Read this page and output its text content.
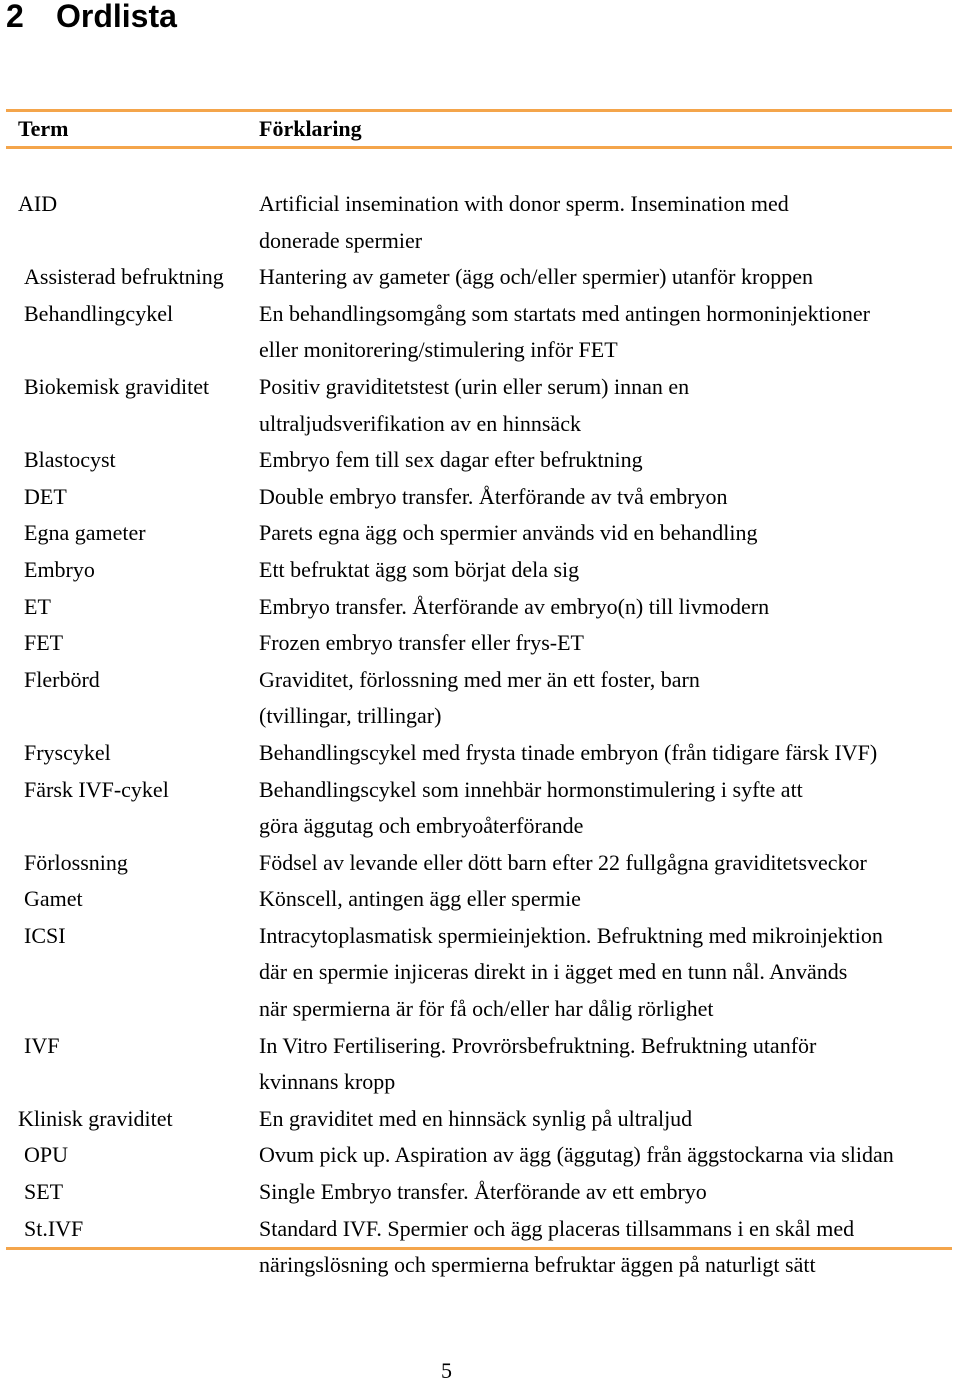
2 Ordlista
Term	Förklaring
AID	Artificial insemination with donor sperm. Insemination med
donerade spermier
Assisterad befruktning	Hantering av gameter (ägg och/eller spermier) utanför kroppen
Behandlingcykel	En behandlingsomgång som startats med antingen hormoninjektioner
eller monitorering/stimulering inför FET
Biokemisk graviditet	Positiv graviditetstest (urin eller serum) innan en
ultraljudsverifikation av en hinnsäck
Blastocyst	Embryo fem till sex dagar efter befruktning
DET	Double embryo transfer. Återförande av två embryon
Egna gameter	Parets egna ägg och spermier används vid en behandling
Embryo	Ett befruktat ägg som börjat dela sig
ET	Embryo transfer. Återförande av embryo(n) till livmodern
FET	Frozen embryo transfer eller frys-ET
Flerbörd	Graviditet, förlossning med mer än ett foster, barn
(tvillingar, trillingar)
Fryscykel	Behandlingscykel med frysta tinade embryon (från tidigare färsk IVF)
Färsk IVF-cykel	Behandlingscykel som innehbär hormonstimulering i syfte att
göra äggutag och embryoåterförande
Förlossning	Födsel av levande eller dött barn efter 22 fullgågna graviditetsveckor
Gamet	Könscell, antingen ägg eller spermie
ICSI	Intracytoplasmatisk spermieinjektion. Befruktning med mikroinjektion
där en spermie injiceras direkt in i ägget med en tunn nål. Används
när spermierna är för få och/eller har dålig rörlighet
IVF	In Vitro Fertilisering. Provrörsbefruktning. Befruktning utanför
kvinnans kropp
Klinisk graviditet	En graviditet med en hinnsäck synlig på ultraljud
OPU	Ovum pick up. Aspiration av ägg (äggutag) från äggstockarna via slidan
SET	Single Embryo transfer. Återförande av ett embryo
St.IVF	Standard IVF. Spermier och ägg placeras tillsammans i en skål med
näringslösning och spermierna befruktar äggen på naturligt sätt
5
